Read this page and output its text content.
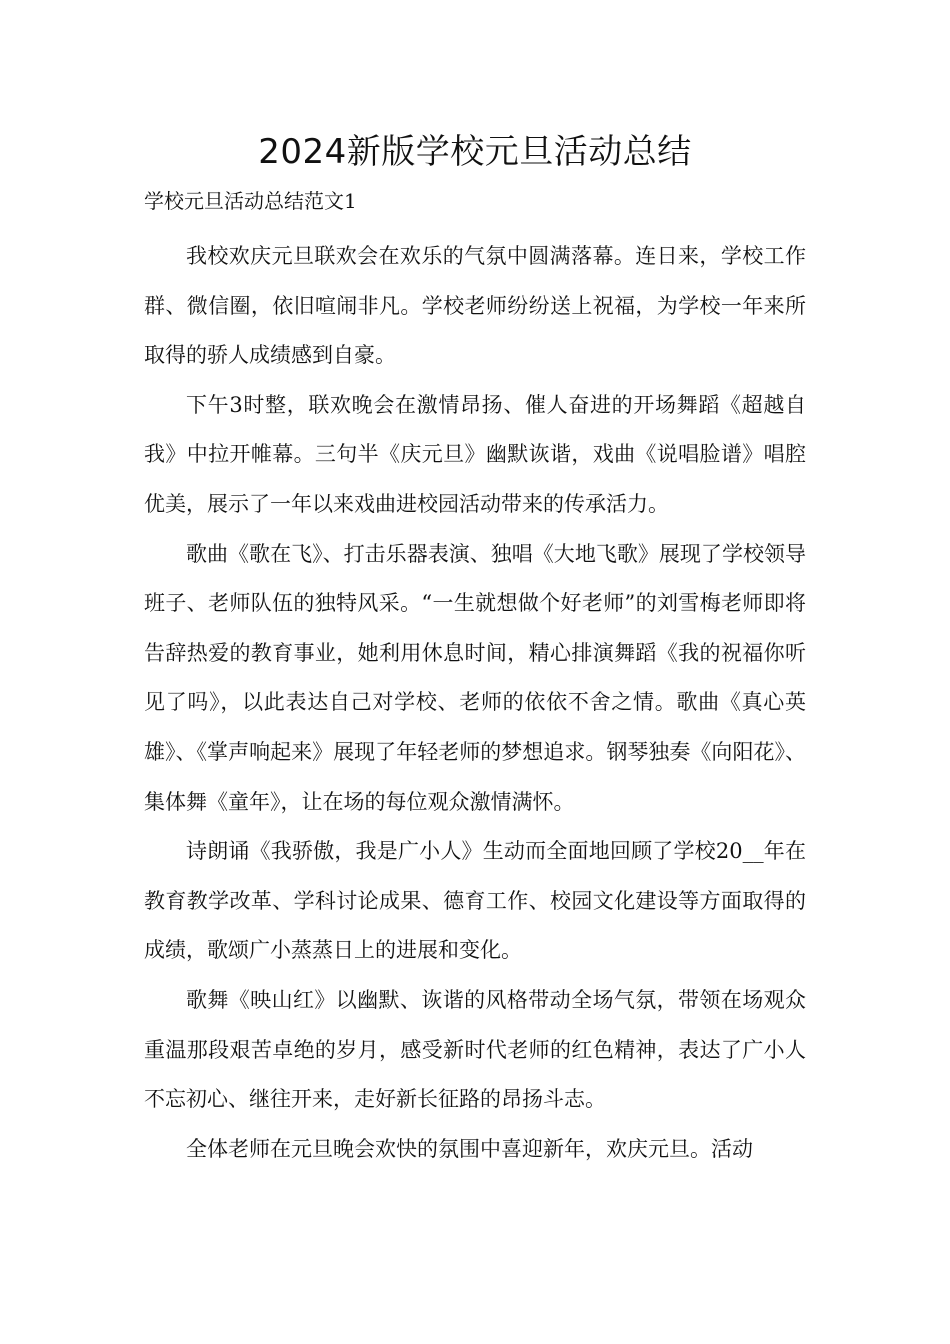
2024新版学校元旦活动总结

学校元旦活动总结范文1

我校欢庆元旦联欢会在欢乐的气氛中圆满落幕。连日来，学校工作群、微信圈，依旧喧闹非凡。学校老师纷纷送上祝福，为学校一年来所取得的骄人成绩感到自豪。

下午3时整，联欢晚会在激情昂扬、催人奋进的开场舞蹈《超越自我》中拉开帷幕。三句半《庆元旦》幽默诙谐，戏曲《说唱脸谱》唱腔优美，展示了一年以来戏曲进校园活动带来的传承活力。

歌曲《歌在飞》、打击乐器表演、独唱《大地飞歌》展现了学校领导班子、老师队伍的独特风采。“一生就想做个好老师”的刘雪梅老师即将告辞热爱的教育事业，她利用休息时间，精心排演舞蹈《我的祝福你听见了吗》，以此表达自己对学校、老师的依依不舍之情。歌曲《真心英雄》、《掌声响起来》展现了年轻老师的梦想追求。钢琴独奏《向阳花》、集体舞《童年》，让在场的每位观众激情满怀。

诗朗诵《我骄傲，我是广小人》生动而全面地回顾了学校20__年在教育教学改革、学科讨论成果、德育工作、校园文化建设等方面取得的成绩，歌颂广小蒸蒸日上的进展和变化。

歌舞《映山红》以幽默、诙谐的风格带动全场气氛，带领在场观众重温那段艰苦卓绝的岁月，感受新时代老师的红色精神，表达了广小人不忘初心、继往开来，走好新长征路的昂扬斗志。

全体老师在元旦晚会欢快的氛围中喜迎新年，欢庆元旦。活动
